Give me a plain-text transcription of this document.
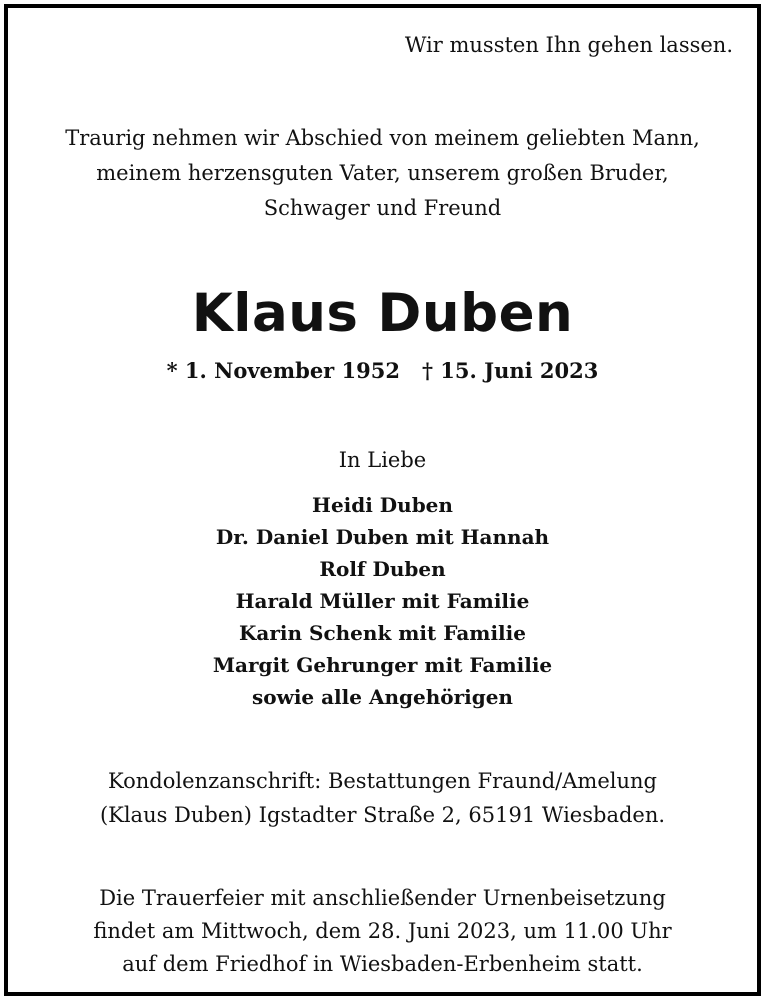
Wir mussten Ihn gehen lassen.
Traurig nehmen wir Abschied von meinem geliebten Mann,
meinem herzensguten Vater, unserem großen Bruder,
Schwager und Freund
Klaus Duben
* 1. November 1952 † 15. Juni 2023
In Liebe
Heidi Duben
Dr. Daniel Duben mit Hannah
Rolf Duben
Harald Müller mit Familie
Karin Schenk mit Familie
Margit Gehrunger mit Familie
sowie alle Angehörigen
Kondolenzanschrift: Bestattungen Fraund/Amelung
(Klaus Duben) Igstadter Straße 2, 65191 Wiesbaden.
Die Trauerfeier mit anschließender Urnenbeisetzung
findet am Mittwoch, dem 28. Juni 2023, um 11.00 Uhr
auf dem Friedhof in Wiesbaden-Erbenheim statt.
